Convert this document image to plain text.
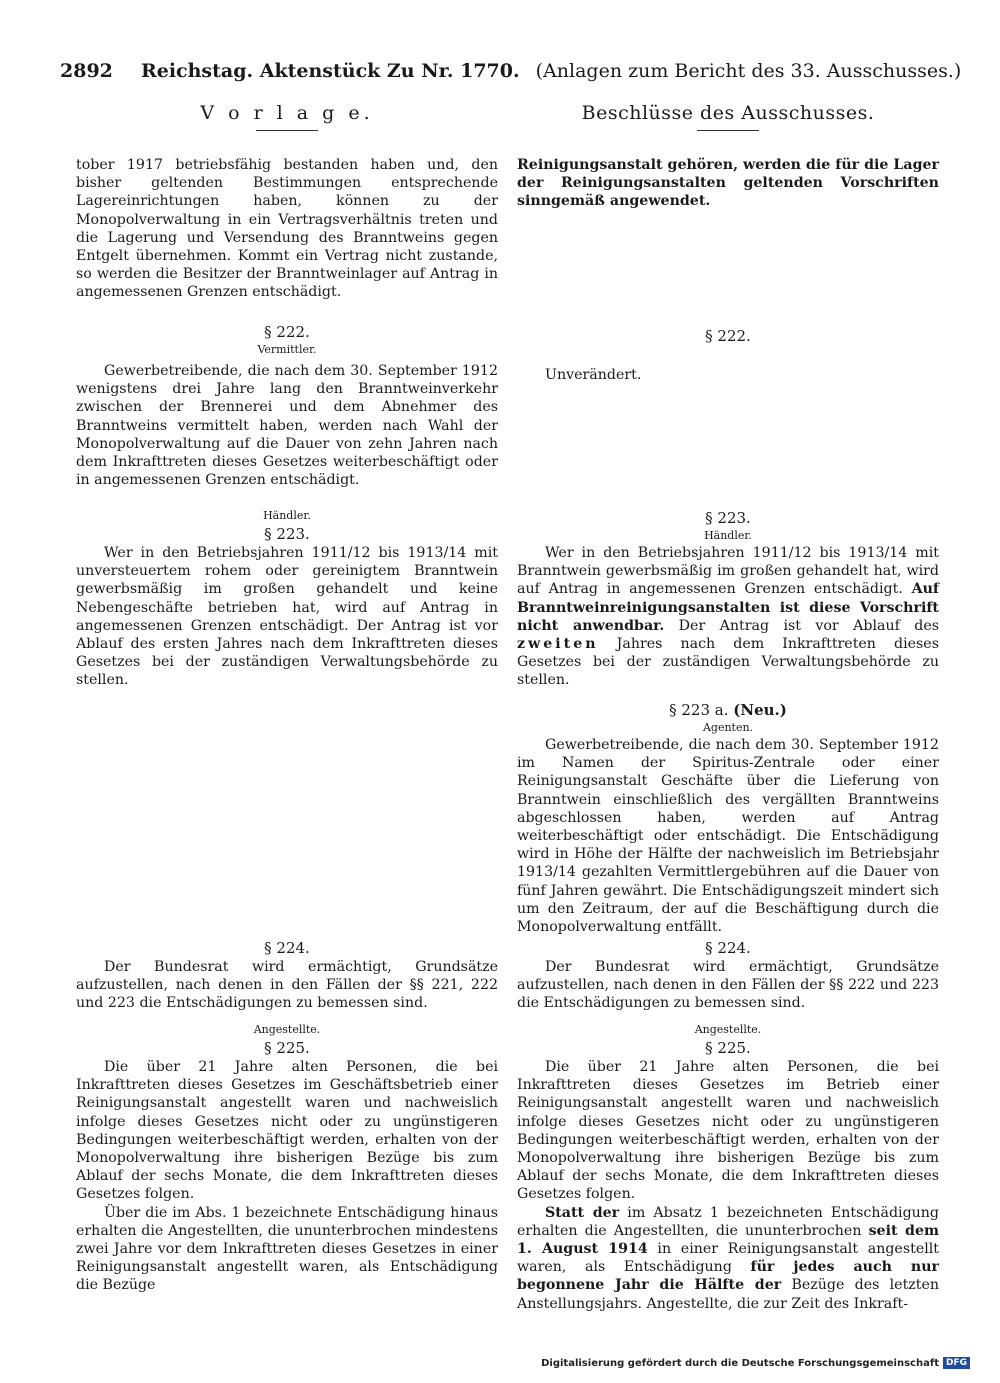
2892 Reichstag. Aktenstück Zu Nr. 1770. (Anlagen zum Bericht des 33. Ausschusses.)
V o r l a g e.

tober 1917 betriebsfähig bestanden haben und, den bisher geltenden Bestimmungen entsprechende Lagereinrichtungen haben, können zu der Monopolverwaltung in ein Vertragsverhältnis treten und die Lagerung und Versendung des Branntweins gegen Entgelt übernehmen. Kommt ein Vertrag nicht zustande, so werden die Besitzer der Branntweinlager auf Antrag in angemessenen Grenzen entschädigt.

§ 222.
Vermittler.

Gewerbetreibende, die nach dem 30. September 1912 wenigstens drei Jahre lang den Branntweinverkehr zwischen der Brennerei und dem Abnehmer des Branntweins vermittelt haben, werden nach Wahl der Monopolverwaltung auf die Dauer von zehn Jahren nach dem Inkrafttreten dieses Gesetzes weiterbeschäftigt oder in angemessenen Grenzen entschädigt.

Händler.
§ 223.

Wer in den Betriebsjahren 1911/12 bis 1913/14 mit unversteuertem rohem oder gereinigtem Branntwein gewerbsmäßig im großen gehandelt und keine Nebengeschäfte betrieben hat, wird auf Antrag in angemessenen Grenzen entschädigt. Der Antrag ist vor Ablauf des ersten Jahres nach dem Inkrafttreten dieses Gesetzes bei der zuständigen Verwaltungsbehörde zu stellen.

§ 224.

Der Bundesrat wird ermächtigt, Grundsätze aufzustellen, nach denen in den Fällen der §§ 221, 222 und 223 die Entschädigungen zu bemessen sind.

Angestellte.
§ 225.

Die über 21 Jahre alten Personen, die bei Inkrafttreten dieses Gesetzes im Geschäftsbetrieb einer Reinigungsanstalt angestellt waren und nachweislich infolge dieses Gesetzes nicht oder zu ungünstigeren Bedingungen weiterbeschäftigt werden, erhalten von der Monopolverwaltung ihre bisherigen Bezüge bis zum Ablauf der sechs Monate, die dem Inkrafttreten dieses Gesetzes folgen.

Über die im Abs. 1 bezeichnete Entschädigung hinaus erhalten die Angestellten, die ununterbrochen mindestens zwei Jahre vor dem Inkrafttreten dieses Gesetzes in einer Reinigungsanstalt angestellt waren, als Entschädigung die Bezüge

Beschlüsse des Ausschusses.

Reinigungsanstalt gehören, werden die für die Lager der Reinigungsanstalten geltenden Vorschriften sinngemäß angewendet.

§ 222.

Unverändert.

§ 223.
Händler.

Wer in den Betriebsjahren 1911/12 bis 1913/14 mit Branntwein gewerbsmäßig im großen gehandelt hat, wird auf Antrag in angemessenen Grenzen entschädigt. Auf Branntweinreinigungsanstalten ist diese Vorschrift nicht anwendbar. Der Antrag ist vor Ablauf des zweiten Jahres nach dem Inkrafttreten dieses Gesetzes bei der zuständigen Verwaltungsbehörde zu stellen.

§ 223 a. (Neu.)
Agenten.

Gewerbetreibende, die nach dem 30. September 1912 im Namen der Spiritus-Zentrale oder einer Reinigungsanstalt Geschäfte über die Lieferung von Branntwein einschließlich des vergällten Branntweins abgeschlossen haben, werden auf Antrag weiterbeschäftigt oder entschädigt. Die Entschädigung wird in Höhe der Hälfte der nachweislich im Betriebsjahr 1913/14 gezahlten Vermittlergebühren auf die Dauer von fünf Jahren gewährt. Die Entschädigungszeit mindert sich um den Zeitraum, der auf die Beschäftigung durch die Monopolverwaltung entfällt.

§ 224.

Der Bundesrat wird ermächtigt, Grundsätze aufzustellen, nach denen in den Fällen der §§ 222 und 223 die Entschädigungen zu bemessen sind.

Angestellte.
§ 225.

Die über 21 Jahre alten Personen, die bei Inkrafttreten dieses Gesetzes im Betrieb einer Reinigungsanstalt angestellt waren und nachweislich infolge dieses Gesetzes nicht oder zu ungünstigeren Bedingungen weiterbeschäftigt werden, erhalten von der Monopolverwaltung ihre bisherigen Bezüge bis zum Ablauf der sechs Monate, die dem Inkrafttreten dieses Gesetzes folgen.

Statt der im Absatz 1 bezeichneten Entschädigung erhalten die Angestellten, die ununterbrochen seit dem 1. August 1914 in einer Reinigungsanstalt angestellt waren, als Entschädigung für jedes auch nur begonnene Jahr die Hälfte der Bezüge des letzten Anstellungsjahrs. Angestellte, die zur Zeit des Inkraft-

Digitalisierung gefördert durch die Deutsche Forschungsgemeinschaft DFG
